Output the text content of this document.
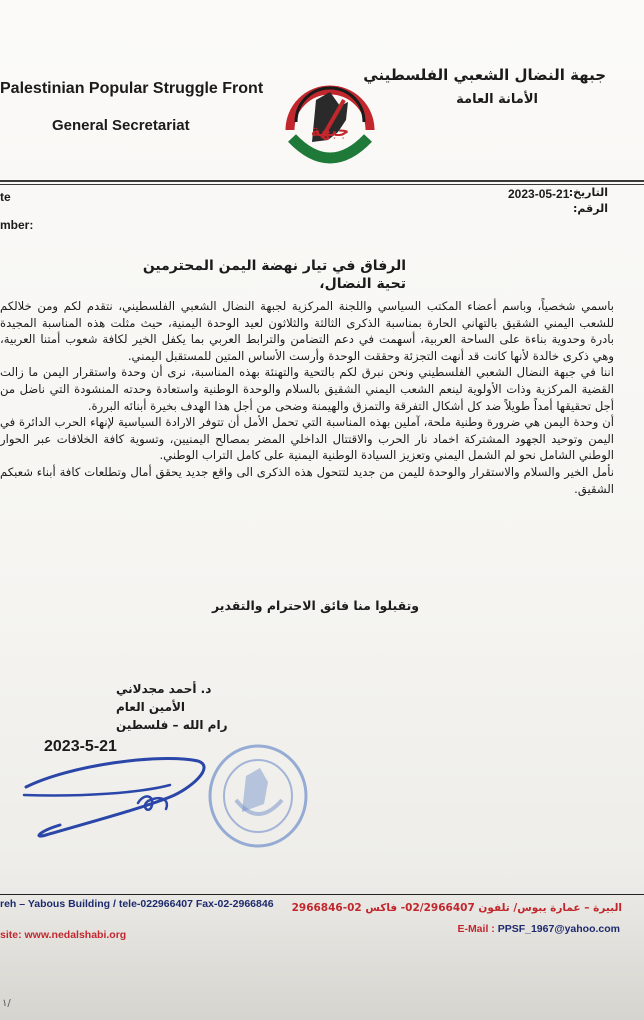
Palestinian Popular Struggle Front
General Secretariat
جبهة النضال الشعبي الفلسطيني
الأمانة العامة
جبهة
te
mber:
التاريخ:
الرقم:
2023-05-21
الرفاق في تيار نهضة اليمن المحترمين
تحية النضال،

باسمي شخصياً، وباسم أعضاء المكتب السياسي واللجنة المركزية لجبهة النضال الشعبي الفلسطيني، نتقدم لكم ومن خلالكم للشعب اليمني الشقيق بالتهاني الحارة بمناسبة الذكرى الثالثة والثلاثون لعيد الوحدة اليمنية، حيث مثلت هذه المناسبة المجيدة بادرة وحدوية بناءة على الساحة العربية، أسهمت في دعم التضامن والترابط العربي بما يكفل الخير لكافة شعوب أمتنا العربية، وهي ذكرى خالدة لأنها كانت قد أنهت التجزئة وحققت الوحدة وأرست الأساس المتين للمستقبل اليمني.

اننا في جبهة النضال الشعبي الفلسطيني ونحن نبرق لكم بالتحية والتهنئة بهذه المناسبة، نرى أن وحدة واستقرار اليمن ما زالت القضية المركزية وذات الأولوية لينعم الشعب اليمني الشقيق بالسلام والوحدة الوطنية واستعادة وحدته المنشودة التي ناضل من أجل تحقيقها أمداً طويلاً ضد كل أشكال التفرقة والتمزق والهيمنة وضحى من أجل هذا الهدف بخيرة أبنائه البررة.

أن وحدة اليمن هي ضرورة وطنية ملحة، آملين بهذه المناسبة التي تحمل الأمل أن تتوفر الارادة السياسية لإنهاء الحرب الدائرة في اليمن وتوحيد الجهود المشتركة اخماد نار الحرب والاقتتال الداخلي المضر بمصالح اليمنيين، وتسوية كافة الخلافات عبر الحوار الوطني الشامل نحو لم الشمل اليمني وتعزيز السيادة الوطنية اليمنية على كامل التراب الوطني.

نأمل الخير والسلام والاستقرار والوحدة لليمن من جديد لتتحول هذه الذكرى الى واقع جديد يحقق أمال وتطلعات كافة أبناء شعبكم الشقيق.

وتقبلوا منا فائق الاحترام والتقدير
د. أحمد مجدلاني
الأمين العام
رام الله – فلسطين
2023-5-21
reh – Yabous Building / tele-022966407 Fax-02-2966846
site: www.nedalshabi.org
البيرة – عمارة يبوس/ تلفون 02/2966407- فاكس 02-2966846
E-Mail : PPSF_1967@yahoo.com
١/
